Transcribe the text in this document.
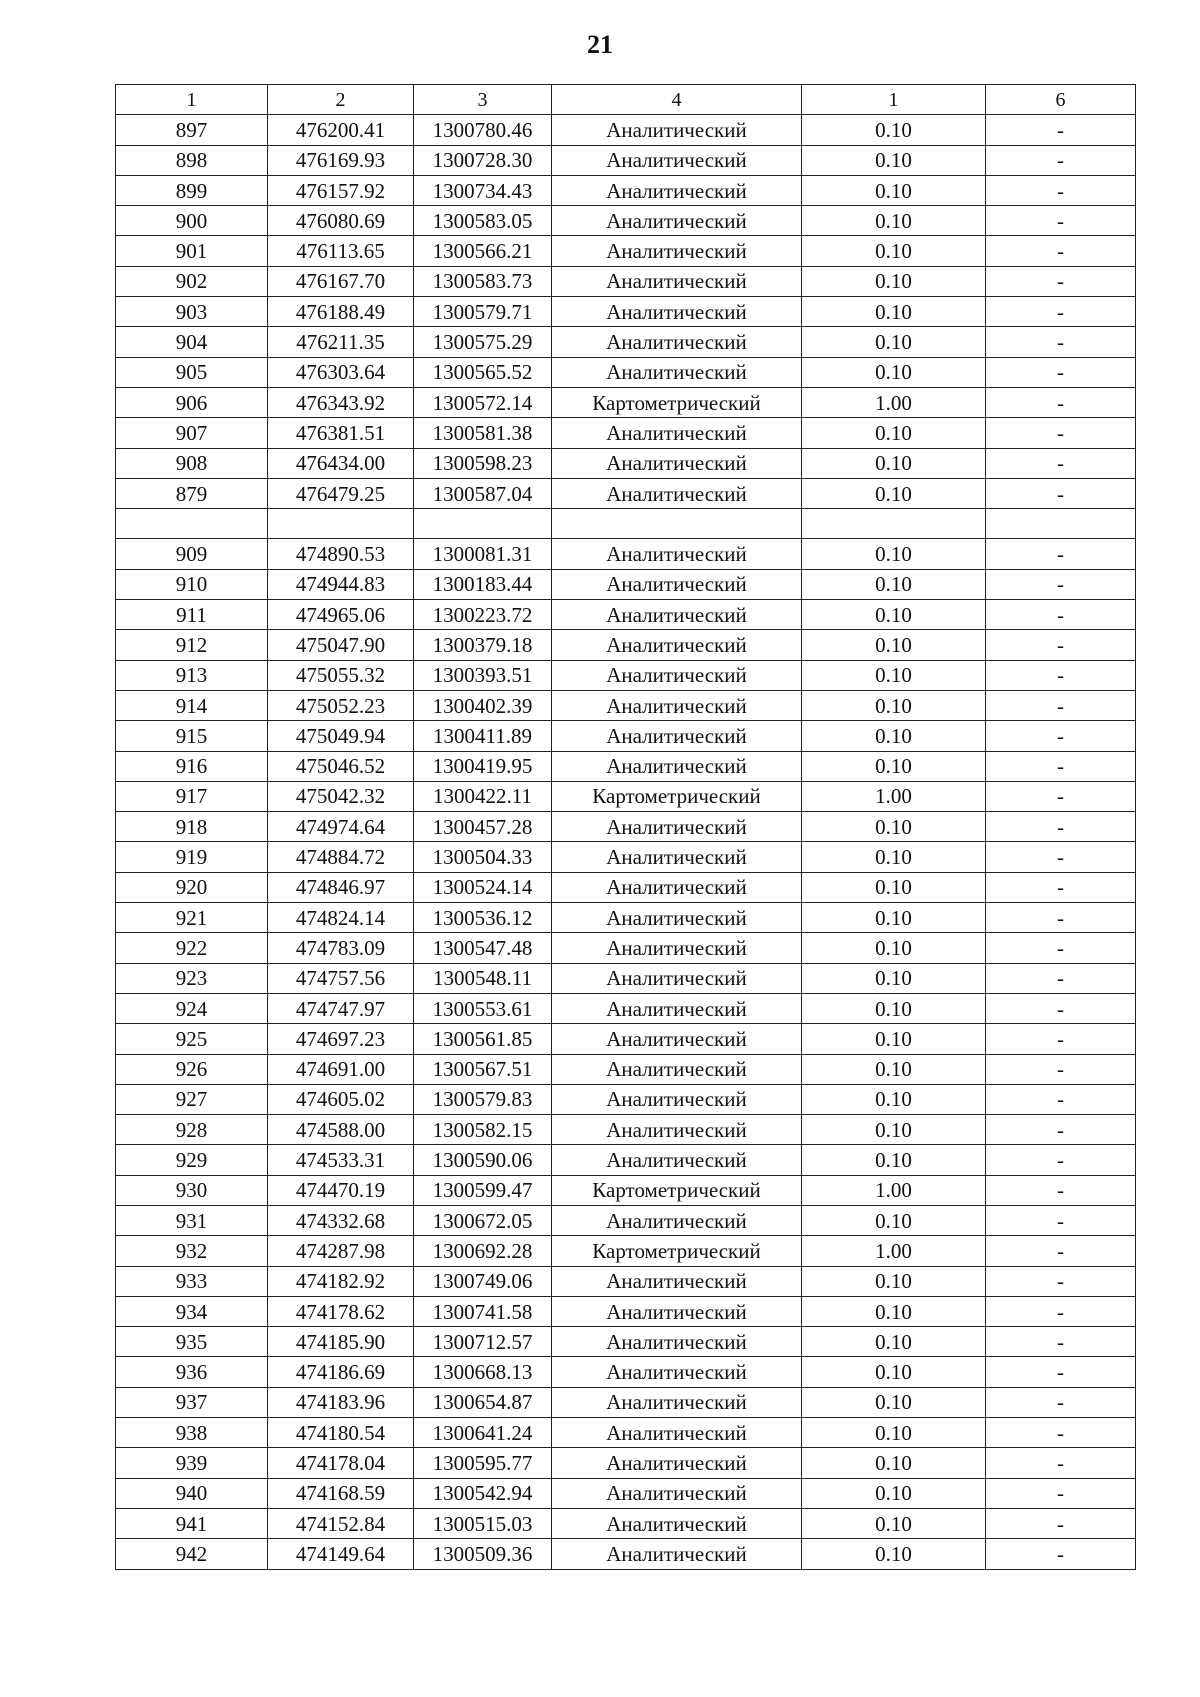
21
1	2	3	4	1	6
897	476200.41	1300780.46	Аналитический	0.10	-
898	476169.93	1300728.30	Аналитический	0.10	-
899	476157.92	1300734.43	Аналитический	0.10	-
900	476080.69	1300583.05	Аналитический	0.10	-
901	476113.65	1300566.21	Аналитический	0.10	-
902	476167.70	1300583.73	Аналитический	0.10	-
903	476188.49	1300579.71	Аналитический	0.10	-
904	476211.35	1300575.29	Аналитический	0.10	-
905	476303.64	1300565.52	Аналитический	0.10	-
906	476343.92	1300572.14	Картометрический	1.00	-
907	476381.51	1300581.38	Аналитический	0.10	-
908	476434.00	1300598.23	Аналитический	0.10	-
879	476479.25	1300587.04	Аналитический	0.10	-

909	474890.53	1300081.31	Аналитический	0.10	-
910	474944.83	1300183.44	Аналитический	0.10	-
911	474965.06	1300223.72	Аналитический	0.10	-
912	475047.90	1300379.18	Аналитический	0.10	-
913	475055.32	1300393.51	Аналитический	0.10	-
914	475052.23	1300402.39	Аналитический	0.10	-
915	475049.94	1300411.89	Аналитический	0.10	-
916	475046.52	1300419.95	Аналитический	0.10	-
917	475042.32	1300422.11	Картометрический	1.00	-
918	474974.64	1300457.28	Аналитический	0.10	-
919	474884.72	1300504.33	Аналитический	0.10	-
920	474846.97	1300524.14	Аналитический	0.10	-
921	474824.14	1300536.12	Аналитический	0.10	-
922	474783.09	1300547.48	Аналитический	0.10	-
923	474757.56	1300548.11	Аналитический	0.10	-
924	474747.97	1300553.61	Аналитический	0.10	-
925	474697.23	1300561.85	Аналитический	0.10	-
926	474691.00	1300567.51	Аналитический	0.10	-
927	474605.02	1300579.83	Аналитический	0.10	-
928	474588.00	1300582.15	Аналитический	0.10	-
929	474533.31	1300590.06	Аналитический	0.10	-
930	474470.19	1300599.47	Картометрический	1.00	-
931	474332.68	1300672.05	Аналитический	0.10	-
932	474287.98	1300692.28	Картометрический	1.00	-
933	474182.92	1300749.06	Аналитический	0.10	-
934	474178.62	1300741.58	Аналитический	0.10	-
935	474185.90	1300712.57	Аналитический	0.10	-
936	474186.69	1300668.13	Аналитический	0.10	-
937	474183.96	1300654.87	Аналитический	0.10	-
938	474180.54	1300641.24	Аналитический	0.10	-
939	474178.04	1300595.77	Аналитический	0.10	-
940	474168.59	1300542.94	Аналитический	0.10	-
941	474152.84	1300515.03	Аналитический	0.10	-
942	474149.64	1300509.36	Аналитический	0.10	-
